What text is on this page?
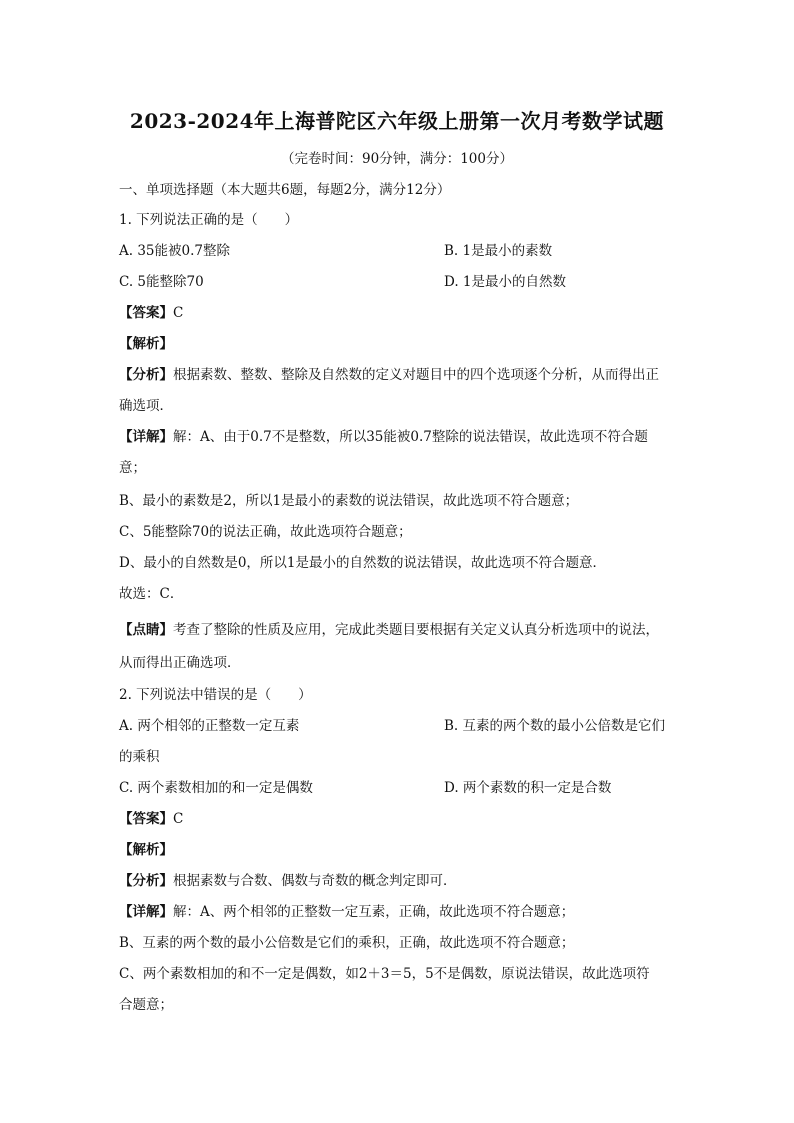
2023-2024年上海普陀区六年级上册第一次月考数学试题
（完卷时间：90分钟，满分：100分）
一、单项选择题（本大题共6题，每题2分，满分12分）
1. 下列说法正确的是（　　）
A. 35能被0.7整除	B. 1是最小的素数
C. 5能整除70	D. 1是最小的自然数
【答案】C
【解析】
【分析】根据素数、整数、整除及自然数的定义对题目中的四个选项逐个分析，从而得出正
确选项．
【详解】解：A、由于0.7不是整数，所以35能被0.7整除的说法错误，故此选项不符合题
意；
B、最小的素数是2，所以1是最小的素数的说法错误，故此选项不符合题意；
C、5能整除70的说法正确，故此选项符合题意；
D、最小的自然数是0，所以1是最小的自然数的说法错误，故此选项不符合题意．
故选：C．
【点睛】考查了整除的性质及应用，完成此类题目要根据有关定义认真分析选项中的说法，
从而得出正确选项．
2. 下列说法中错误的是（　　）
A. 两个相邻的正整数一定互素	B. 互素的两个数的最小公倍数是它们
的乘积
C. 两个素数相加的和一定是偶数	D. 两个素数的积一定是合数
【答案】C
【解析】
【分析】根据素数与合数、偶数与奇数的概念判定即可．
【详解】解：A、两个相邻的正整数一定互素，正确，故此选项不符合题意；
B、互素的两个数的最小公倍数是它们的乘积，正确，故此选项不符合题意；
C、两个素数相加的和不一定是偶数，如2＋3＝5，5不是偶数，原说法错误，故此选项符
合题意；
